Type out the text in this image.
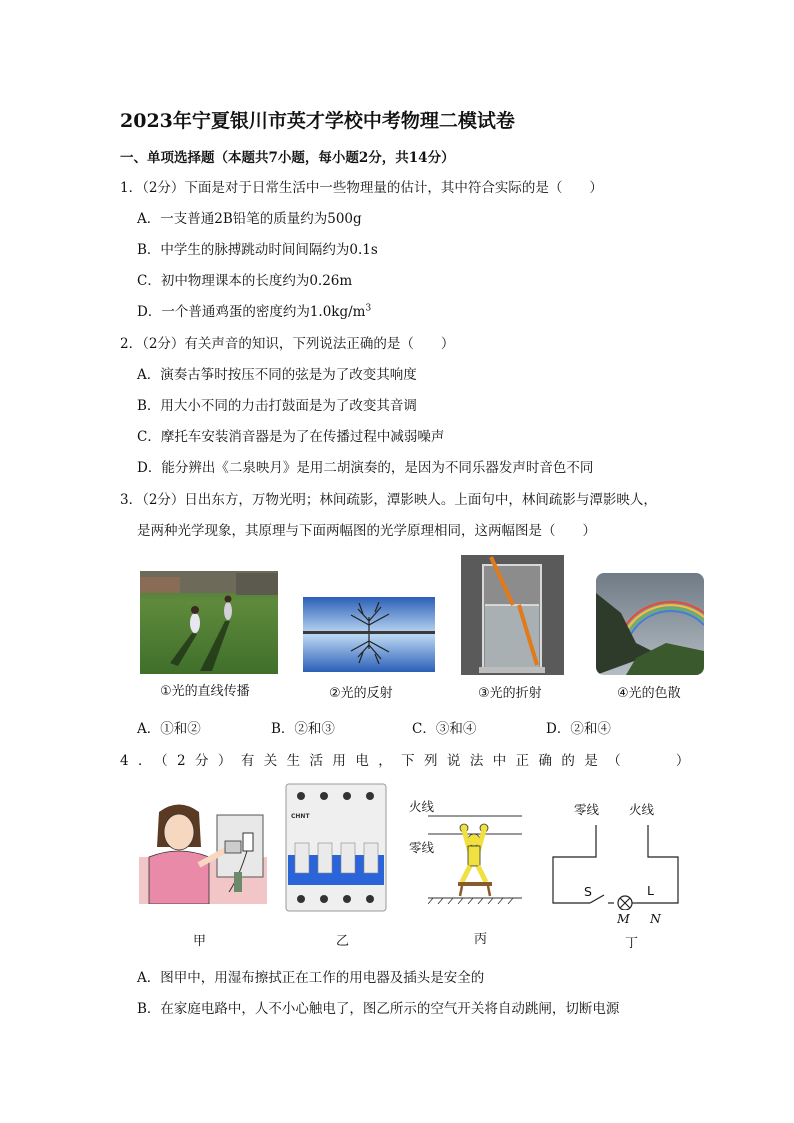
2023年宁夏银川市英才学校中考物理二模试卷
一、单项选择题（本题共7小题，每小题2分，共14分）
1．（2分）下面是对于日常生活中一些物理量的估计，其中符合实际的是（　　）
A．一支普通2B铅笔的质量约为500g
B．中学生的脉搏跳动时间间隔约为0.1s
C．初中物理课本的长度约为0.26m
D．一个普通鸡蛋的密度约为$1.0kg/m^3$
2．（2分）有关声音的知识，下列说法正确的是（　　）
A．演奏古筝时按压不同的弦是为了改变其响度
B．用大小不同的力击打鼓面是为了改变其音调
C．摩托车安装消音器是为了在传播过程中减弱噪声
D．能分辨出《二泉映月》是用二胡演奏的，是因为不同乐器发声时音色不同
3．（2分）日出东方，万物光明；林间疏影，潭影映人。上面句中，林间疏影与潭影映人，
是两种光学现象，其原理与下面两幅图的光学原理相同，这两幅图是（　　）
①光的直线传播	②光的反射	③光的折射	④光的色散
A．①和②	B．②和③	C．③和④	D．②和④
4．（2分）有关生活用电，下列说法中正确的是（　　）
CHNT
火线
零线
零线 火线
S	L
M N
甲	乙	丙	丁
A．图甲中，用湿布擦拭正在工作的用电器及插头是安全的
B．在家庭电路中，人不小心触电了，图乙所示的空气开关将自动跳闸，切断电源
